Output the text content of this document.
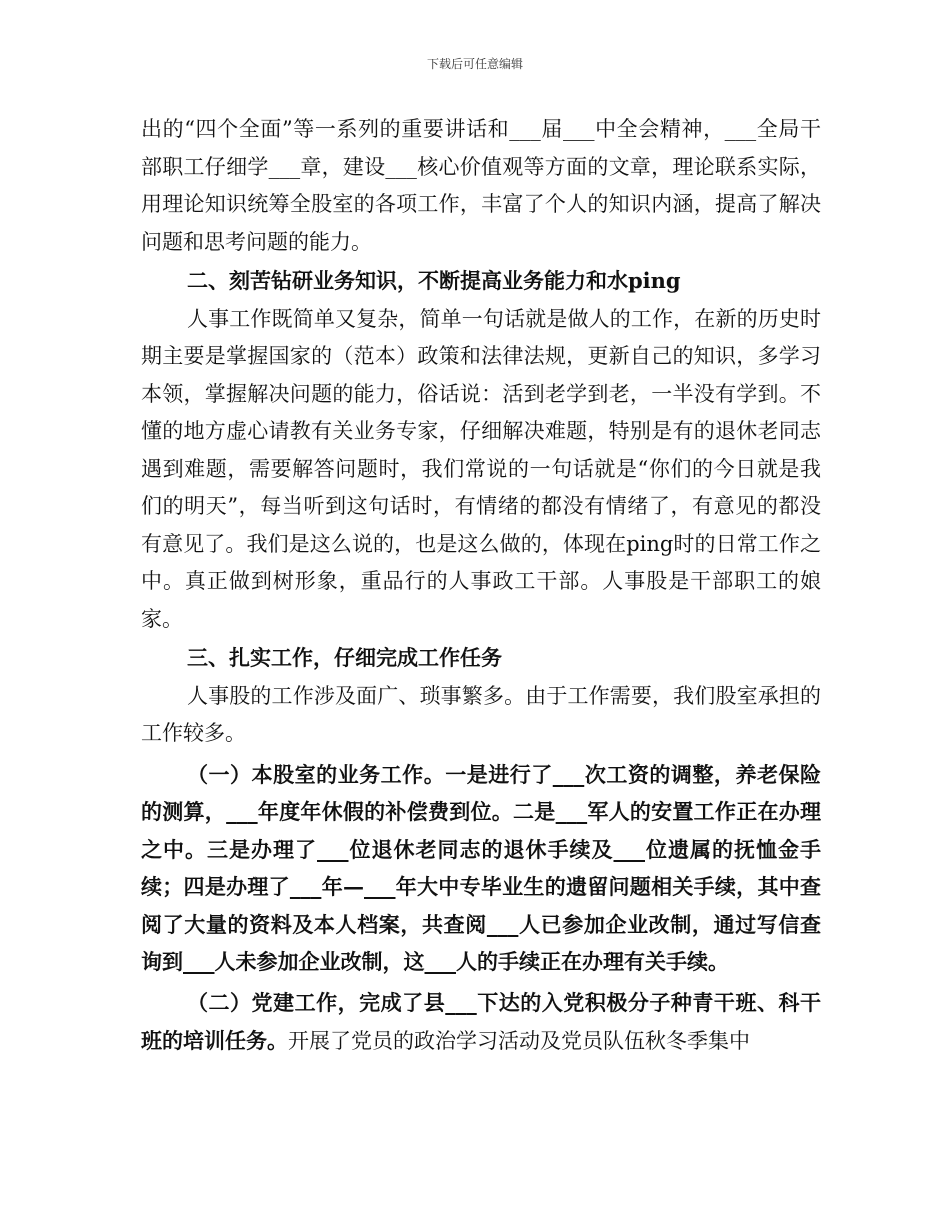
下载后可任意编辑

出的“四个全面”等一系列的重要讲话和___届___中全会精神，___全局干部职工仔细学___章，建设___核心价值观等方面的文章，理论联系实际，用理论知识统筹全股室的各项工作，丰富了个人的知识内涵，提高了解决问题和思考问题的能力。

二、刻苦钻研业务知识，不断提高业务能力和水ping

人事工作既简单又复杂，简单一句话就是做人的工作，在新的历史时期主要是掌握国家的（范本）政策和法律法规，更新自己的知识，多学习本领，掌握解决问题的能力，俗话说：活到老学到老，一半没有学到。不懂的地方虚心请教有关业务专家，仔细解决难题，特别是有的退休老同志遇到难题，需要解答问题时，我们常说的一句话就是“你们的今日就是我们的明天”，每当听到这句话时，有情绪的都没有情绪了，有意见的都没有意见了。我们是这么说的，也是这么做的，体现在ping时的日常工作之中。真正做到树形象，重品行的人事政工干部。人事股是干部职工的娘家。

三、扎实工作，仔细完成工作任务

人事股的工作涉及面广、琐事繁多。由于工作需要，我们股室承担的工作较多。

（一）本股室的业务工作。一是进行了___次工资的调整，养老保险的测算，___年度年休假的补偿费到位。二是___军人的安置工作正在办理之中。三是办理了___位退休老同志的退休手续及___位遗属的抚恤金手续；四是办理了___年—___年大中专毕业生的遗留问题相关手续，其中查阅了大量的资料及本人档案，共查阅___人已参加企业改制，通过写信查询到___人未参加企业改制，这___人的手续正在办理有关手续。

（二）党建工作，完成了县___下达的入党积极分子种青干班、科干班的培训任务。开展了党员的政治学习活动及党员队伍秋冬季集中
